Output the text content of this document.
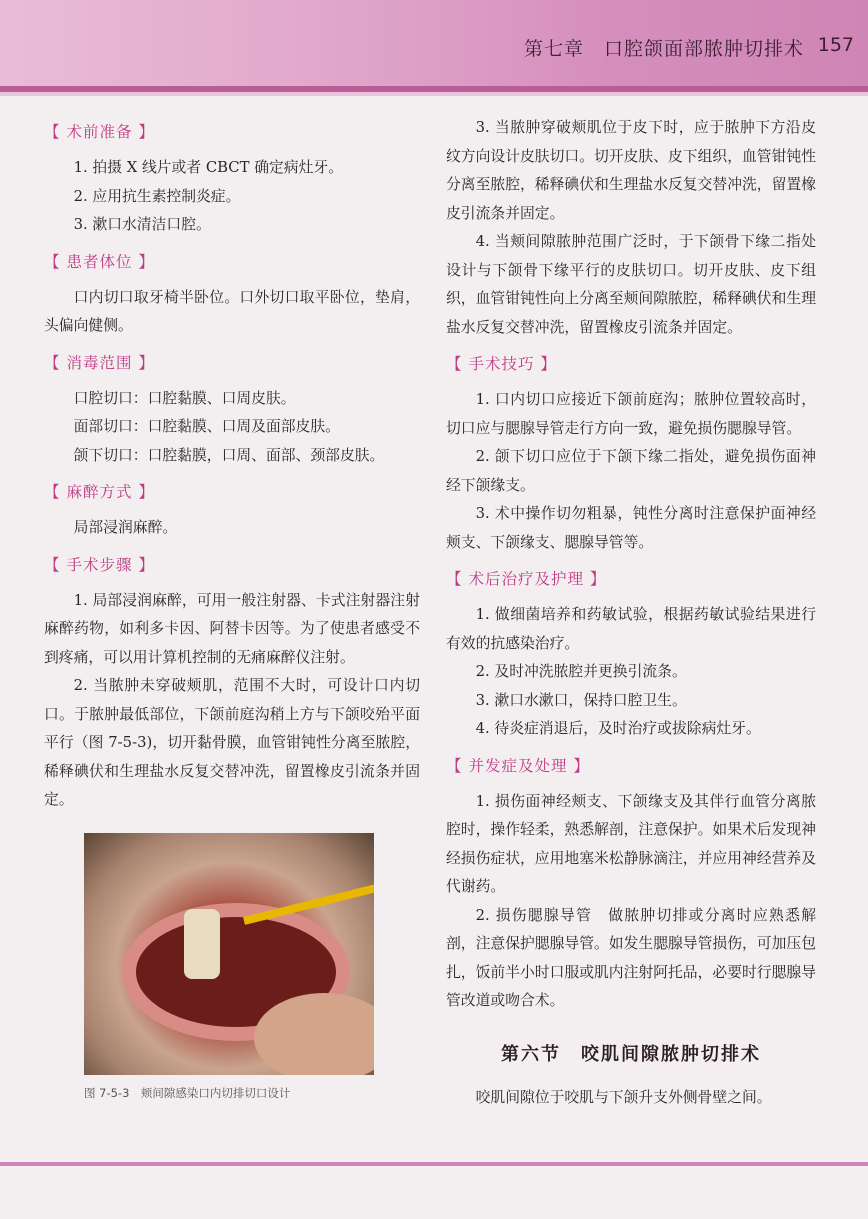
第七章　口腔颌面部脓肿切排术 157
【 术前准备 】
1. 拍摄 X 线片或者 CBCT 确定病灶牙。
2. 应用抗生素控制炎症。
3. 漱口水清洁口腔。
【 患者体位 】

口内切口取牙椅半卧位。口外切口取平卧位，垫肩，头偏向健侧。

【 消毒范围 】
口腔切口：口腔黏膜、口周皮肤。
面部切口：口腔黏膜、口周及面部皮肤。
颌下切口：口腔黏膜，口周、面部、颈部皮肤。
【 麻醉方式 】

局部浸润麻醉。

【 手术步骤 】

1. 局部浸润麻醉，可用一般注射器、卡式注射器注射麻醉药物，如利多卡因、阿替卡因等。为了使患者感受不到疼痛，可以用计算机控制的无痛麻醉仪注射。

2. 当脓肿未穿破颊肌，范围不大时，可设计口内切口。于脓肿最低部位，下颌前庭沟稍上方与下颌咬殆平面平行（图 7-5-3)，切开黏骨膜，血管钳钝性分离至脓腔，稀释碘伏和生理盐水反复交替冲洗，留置橡皮引流条并固定。

图 7-5-3　颊间隙感染口内切排切口设计

3. 当脓肿穿破颊肌位于皮下时，应于脓肿下方沿皮纹方向设计皮肤切口。切开皮肤、皮下组织，血管钳钝性分离至脓腔，稀释碘伏和生理盐水反复交替冲洗，留置橡皮引流条并固定。

4. 当颊间隙脓肿范围广泛时，于下颌骨下缘二指处设计与下颌骨下缘平行的皮肤切口。切开皮肤、皮下组织，血管钳钝性向上分离至颊间隙脓腔，稀释碘伏和生理盐水反复交替冲洗，留置橡皮引流条并固定。

【 手术技巧 】

1. 口内切口应接近下颌前庭沟；脓肿位置较高时，切口应与腮腺导管走行方向一致，避免损伤腮腺导管。

2. 颌下切口应位于下颌下缘二指处，避免损伤面神经下颌缘支。

3. 术中操作切勿粗暴，钝性分离时注意保护面神经颊支、下颌缘支、腮腺导管等。

【 术后治疗及护理 】

1. 做细菌培养和药敏试验，根据药敏试验结果进行有效的抗感染治疗。

2. 及时冲洗脓腔并更换引流条。
3. 漱口水漱口，保持口腔卫生。
4. 待炎症消退后，及时治疗或拔除病灶牙。
【 并发症及处理 】

1. 损伤面神经颊支、下颌缘支及其伴行血管分离脓腔时，操作轻柔，熟悉解剖，注意保护。如果术后发现神经损伤症状，应用地塞米松静脉滴注，并应用神经营养及代谢药。

2. 损伤腮腺导管　做脓肿切排或分离时应熟悉解剖，注意保护腮腺导管。如发生腮腺导管损伤，可加压包扎，饭前半小时口服或肌内注射阿托品，必要时行腮腺导管改道或吻合术。

第六节　咬肌间隙脓肿切排术

咬肌间隙位于咬肌与下颌升支外侧骨壁之间。
